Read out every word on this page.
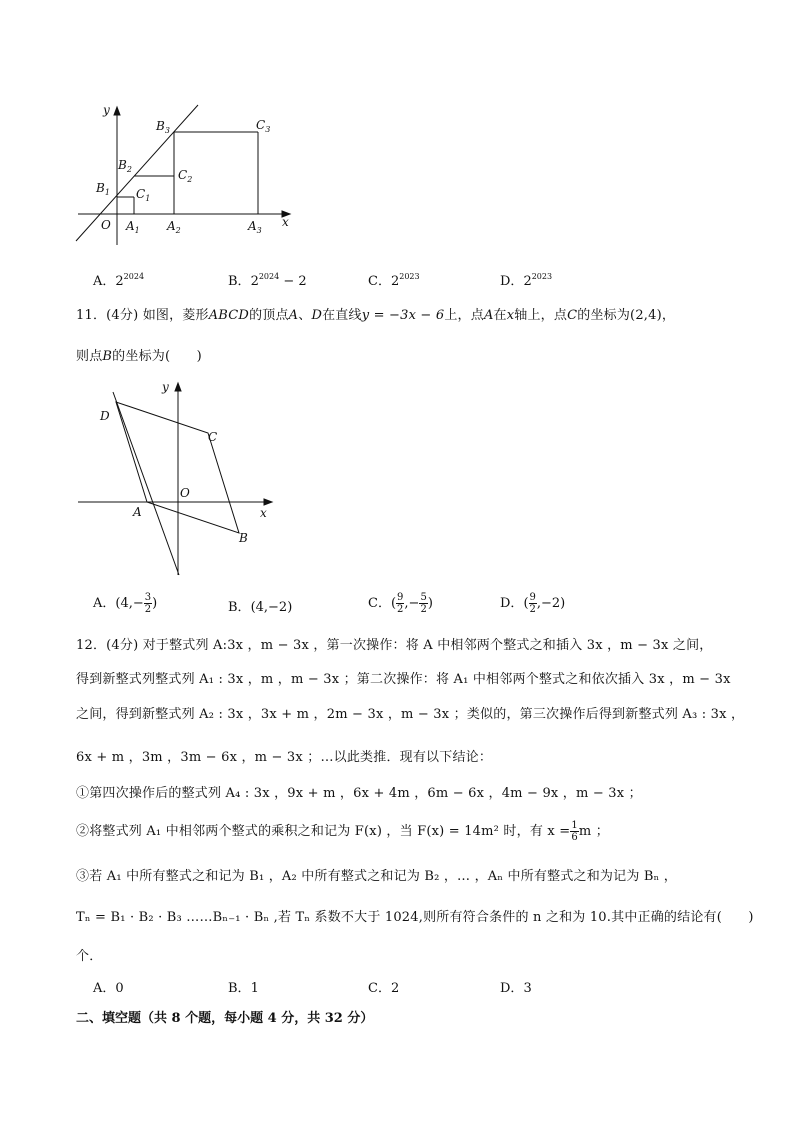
y
x
O
$B_1$
$B_2$
$B_3$
$C_1$
$C_2$
$C_3$
$A_1$ $A_2$	$A_3$
A．$2^{2024}$	B．$2^{2024} - 2$	C．$2^{2023}$	D．$2^{2023}$
11．(4分) 如图，菱形ABCD的顶点A、D在直线y = −3x − 6上，点A在x轴上，点C的坐标为(2,4)，
则点B的坐标为(　　)
y
x
O
A
B
C
D
A．($4,- \frac{3}{2}$ )	B．(4,−2)	C．( $\frac{9}{2}$ ,− $\frac{5}{2}$ )	D．( $\frac{9}{2} ,-2$)
12．(4分) 对于整式列 A:3x ，m − 3x ，第一次操作：将 A 中相邻两个整式之和插入 3x ，m − 3x 之间，
得到新整式列整式列 A₁ : 3x ，m ，m − 3x ；第二次操作：将 A₁ 中相邻两个整式之和依次插入 3x ，m − 3x
之间，得到新整式列 A₂ : 3x ，3x + m ，2m − 3x ，m − 3x ；类似的，第三次操作后得到新整式列 A₃ : 3x ，
6x + m ，3m ，3m − 6x ，m − 3x ；…以此类推．现有以下结论：
①第四次操作后的整式列 A₄ : 3x ，9x + m ，6x + 4m ，6m − 6x ，4m − 9x ，m − 3x ；
②将整式列 A₁ 中相邻两个整式的乘积之和记为 F(x) ，当 F(x) = 14m² 时，有 $x = \frac{1}{6}$ m ；
③若 A₁ 中所有整式之和记为 B₁ ，A₂ 中所有整式之和记为 B₂ ，… ，Aₙ 中所有整式之和为记为 Bₙ ，
Tₙ = B₁ · B₂ · B₃ ……Bₙ₋₁ · Bₙ ,若 Tₙ 系数不大于 1024,则所有符合条件的 n 之和为 10.其中正确的结论有(　　)
个．
A．0	B．1	C．2	D．3
二、填空题（共 8 个题，每小题 4 分，共 32 分）
